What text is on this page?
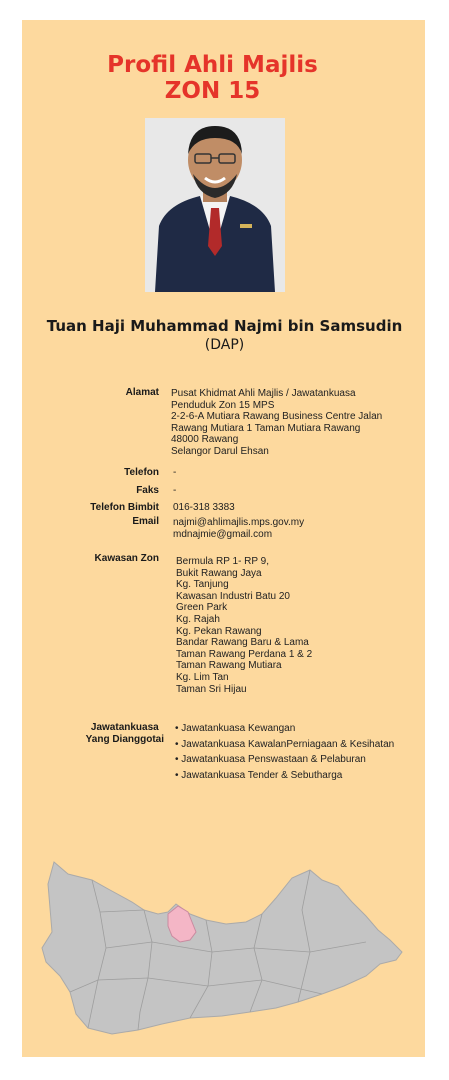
Profil Ahli Majlis
ZON 15
Tuan Haji Muhammad Najmi bin Samsudin
(DAP)
Alamat Pusat Khidmat Ahli Majlis / Jawatankuasa
Penduduk Zon 15 MPS
2-2-6-A Mutiara Rawang Business Centre Jalan
Rawang Mutiara 1 Taman Mutiara Rawang
48000 Rawang
Selangor Darul Ehsan
Telefon -
Faks -
Telefon Bimbit 016-318 3383
Email najmi@ahlimajlis.mps.gov.my
mdnajmie@gmail.com
Kawasan Zon Bermula RP 1- RP 9,
Bukit Rawang Jaya
Kg. Tanjung
Kawasan Industri Batu 20
Green Park
Kg. Rajah
Kg. Pekan Rawang
Bandar Rawang Baru & Lama
Taman Rawang Perdana 1 & 2
Taman Rawang Mutiara
Kg. Lim Tan
Taman Sri Hijau
Jawatankuasa
Yang Dianggotai
• Jawatankuasa Kewangan
• Jawatankuasa KawalanPerniagaan & Kesihatan
• Jawatankuasa Penswastaan & Pelaburan
• Jawatankuasa Tender & Sebutharga
